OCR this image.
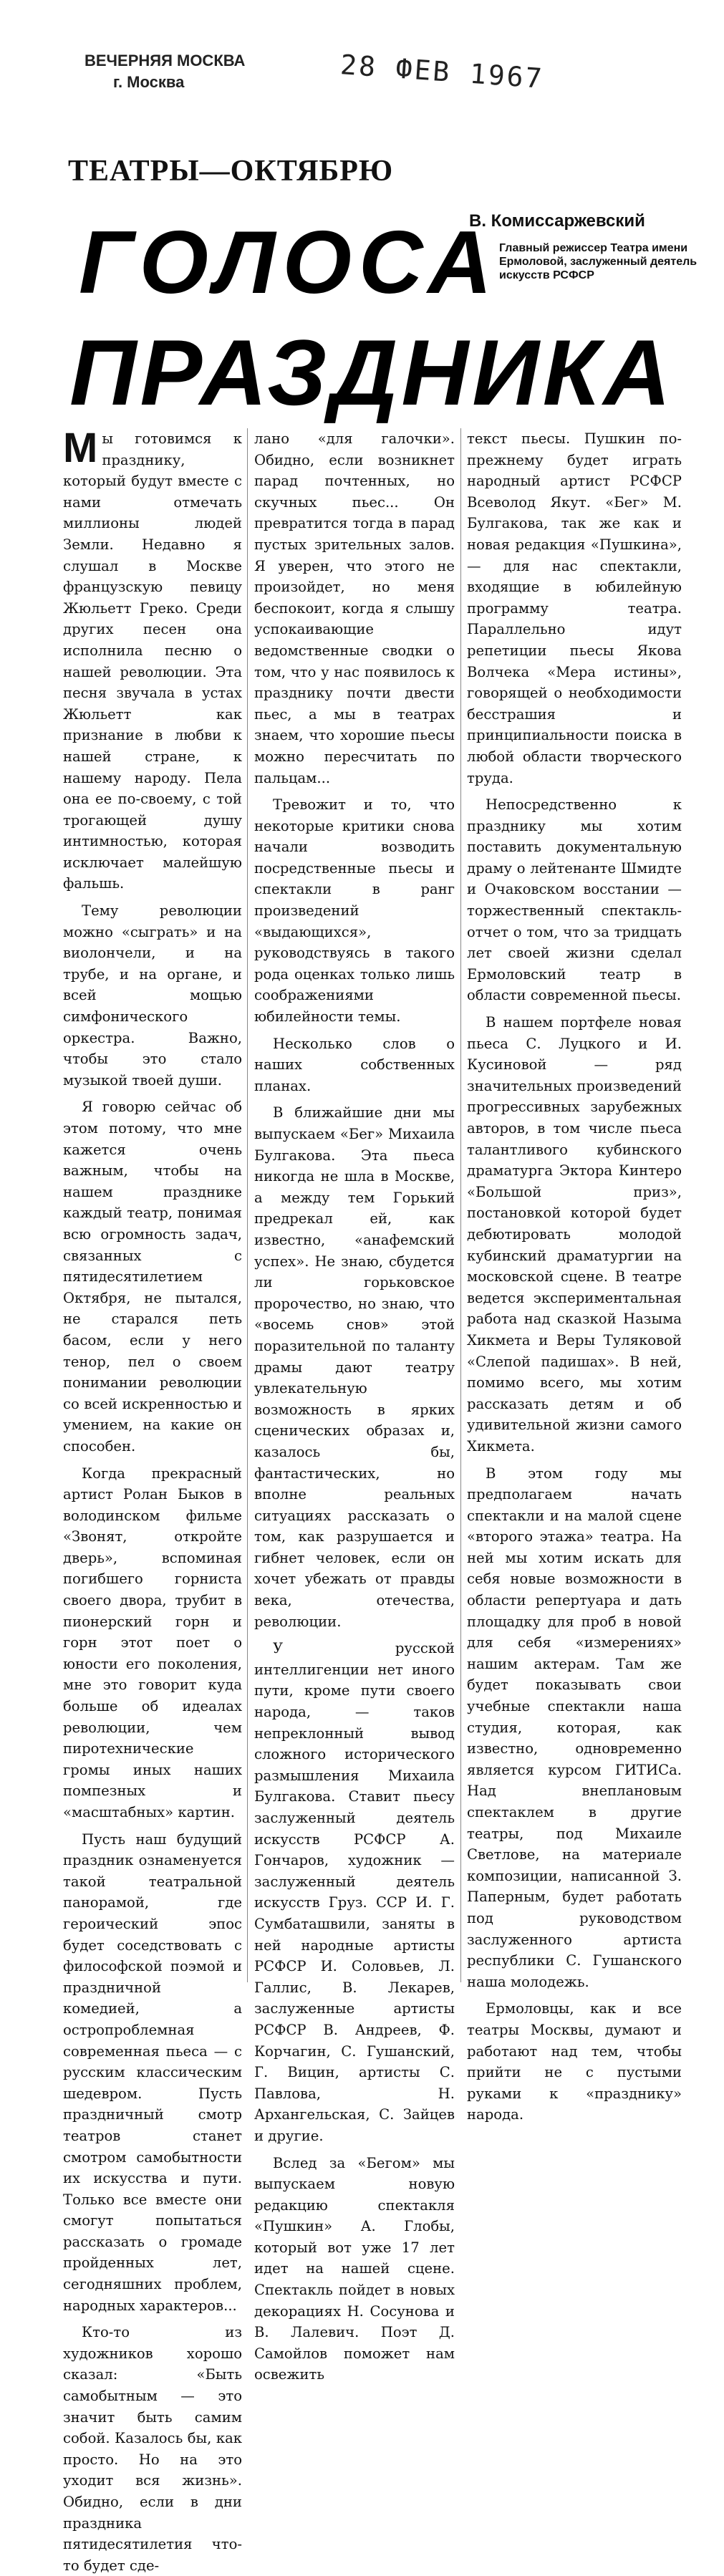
ВЕЧЕРНЯЯ МОСКВА
г. Москва	28 ФЕВ 1967
ТЕАТРЫ—ОКТЯБРЮ
ГОЛОСА
ПРАЗДНИКА

В. Комиссаржевский

Главный режиссер Театра имени Ермоловой, заслуженный деятель искусств РСФСР

Мы готовимся к празднику, который будут вместе с нами отмечать миллионы людей Земли. Недавно я слушал в Москве французскую певицу Жюльетт Греко. Среди других песен она исполнила песню о нашей революции. Эта песня звучала в устах Жюльетт как признание в любви к нашей стране, к нашему народу. Пела она ее по-своему, с той трогающей душу интимностью, которая исключает малейшую фальшь.

Тему революции можно «сыграть» и на виолончели, и на трубе, и на органе, и всей мощью симфонического оркестра. Важно, чтобы это стало музыкой твоей души.

Я говорю сейчас об этом потому, что мне кажется очень важным, чтобы на нашем празднике каждый театр, понимая всю огромность задач, связанных с пятидесятилетием Октября, не пытался, не старался петь басом, если у него тенор, пел о своем понимании революции со всей искренностью и умением, на какие он способен.

Когда прекрасный артист Ролан Быков в володинском фильме «Звонят, откройте дверь», вспоминая погибшего горниста своего двора, трубит в пионерский горн и горн этот поет о юности его поколения, мне это говорит куда больше об идеалах революции, чем пиротехнические громы иных наших помпезных и «масштабных» картин.

Пусть наш будущий праздник ознаменуется такой театральной панорамой, где героический эпос будет соседствовать с философской поэмой и праздничной комедией, а остропроблемная современная пьеса — с русским классическим шедевром. Пусть праздничный смотр театров станет смотром самобытности их искусства и пути. Только все вместе они смогут попытаться рассказать о громаде пройденных лет, сегодняшних проблем, народных характеров...

Кто-то из художников хорошо сказал: «Быть самобытным — это значит быть самим собой. Казалось бы, как просто. Но на это уходит вся жизнь». Обидно, если в дни праздника пятидесятилетия что-то будет сде-

лано «для галочки». Обидно, если возникнет парад почтенных, но скучных пьес... Он превратится тогда в парад пустых зрительных залов. Я уверен, что этого не произойдет, но меня беспокоит, когда я слышу успокаивающие ведомственные сводки о том, что у нас появилось к празднику почти двести пьес, а мы в театрах знаем, что хорошие пьесы можно пересчитать по пальцам...

Тревожит и то, что некоторые критики снова начали возводить посредственные пьесы и спектакли в ранг произведений «выдающихся», руководствуясь в такого рода оценках только лишь соображениями юбилейности темы.

Несколько слов о наших собственных планах.

В ближайшие дни мы выпускаем «Бег» Михаила Булгакова. Эта пьеса никогда не шла в Москве, а между тем Горький предрекал ей, как известно, «анафемский успех». Не знаю, сбудется ли горьковское пророчество, но знаю, что «восемь снов» этой поразительной по таланту драмы дают театру увлекательную возможность в ярких сценических образах и, казалось бы, фантастических, но вполне реальных ситуациях рассказать о том, как разрушается и гибнет человек, если он хочет убежать от правды века, отечества, революции.

У русской интеллигенции нет иного пути, кроме пути своего народа, — таков непреклонный вывод сложного исторического размышления Михаила Булгакова. Ставит пьесу заслуженный деятель искусств РСФСР А. Гончаров, художник — заслуженный деятель искусств Груз. ССР И. Г. Сумбаташвили, заняты в ней народные артисты РСФСР И. Соловьев, Л. Галлис, В. Лекарев, заслуженные артисты РСФСР В. Андреев, Ф. Корчагин, С. Гушанский, Г. Вицин, артисты С. Павлова, Н. Архангельская, С. Зайцев и другие.

Вслед за «Бегом» мы выпускаем новую редакцию спектакля «Пушкин» А. Глобы, который вот уже 17 лет идет на нашей сцене. Спектакль пойдет в новых декорациях Н. Сосунова и В. Лалевич. Поэт Д. Самойлов поможет нам освежить

текст пьесы. Пушкин по-прежнему будет играть народный артист РСФСР Всеволод Якут. «Бег» М. Булгакова, так же как и новая редакция «Пушкина», — для нас спектакли, входящие в юбилейную программу театра. Параллельно идут репетиции пьесы Якова Волчека «Мера истины», говорящей о необходимости бесстрашия и принципиальности поиска в любой области творческого труда.

Непосредственно к празднику мы хотим поставить документальную драму о лейтенанте Шмидте и Очаковском восстании — торжественный спектакль-отчет о том, что за тридцать лет своей жизни сделал Ермоловский театр в области современной пьесы.

В нашем портфеле новая пьеса С. Луцкого и И. Кусиновой — ряд значительных произведений прогрессивных зарубежных авторов, в том числе пьеса талантливого кубинского драматурга Эктора Кинтеро «Большой приз», постановкой которой будет дебютировать молодой кубинский драматургии на московской сцене. В театре ведется экспериментальная работа над сказкой Назыма Хикмета и Веры Туляковой «Слепой падишах». В ней, помимо всего, мы хотим рассказать детям и об удивительной жизни самого Хикмета.

В этом году мы предполагаем начать спектакли и на малой сцене «второго этажа» театра. На ней мы хотим искать для себя новые возможности в области репертуара и дать площадку для проб в новой для себя «измерениях» нашим актерам. Там же будет показывать свои учебные спектакли наша студия, которая, как известно, одновременно является курсом ГИТИСа. Над внеплановым спектаклем в другие театры, под Михаиле Светлове, на материале композиции, написанной З. Паперным, будет работать под руководством заслуженного артиста республики С. Гушанского наша молодежь.

Ермоловцы, как и все театры Москвы, думают и работают над тем, чтобы прийти не с пустыми руками к «празднику» народа.
